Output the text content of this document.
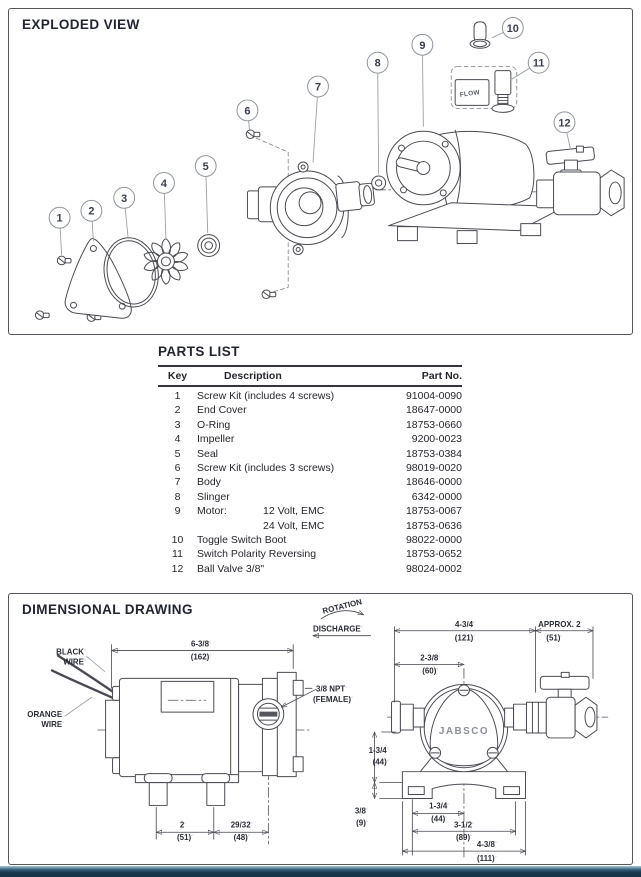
EXPLODED VIEW
1
2
3
4
5
6
7
8
9
10
11
12
FLOW
PARTS LIST
Key	Description	Part No.
1	Screw Kit (includes 4 screws)	91004-0090
2	End Cover	18647-0000
3	O-Ring	18753-0660
4	Impeller	9200-0023
5	Seal	18753-0384
6	Screw Kit (includes 3 screws)	98019-0020
7	Body	18646-0000
8	Slinger	6342-0000
9	Motor:	12 Volt, EMC	18753-0067
24 Volt, EMC	18753-0636
10	Toggle Switch Boot	98022-0000
11	Switch Polarity Reversing	18753-0652
12	Ball Valve 3/8"	98024-0002
DIMENSIONAL DRAWING	ROTATION
DISCHARGE▫
6-3/8▫
(162)▫
BLACK▫
WIRE▫
ORANGE▫
WIRE▫
3/8 NPT▫
(FEMALE)▫
2▫
(51)▫
29/32▫
(48)▫
4-3/4▫
(121)▫
APPROX. 2▫
(51)▫
2-3/8▫
(60)▫
1-3/4▫
(44)▫
3/8▫
(9)▫
1-3/4▫
(44)▫
3-1/2▫
(89)▫
4-3/8▫
(111)▫
JABSCO
